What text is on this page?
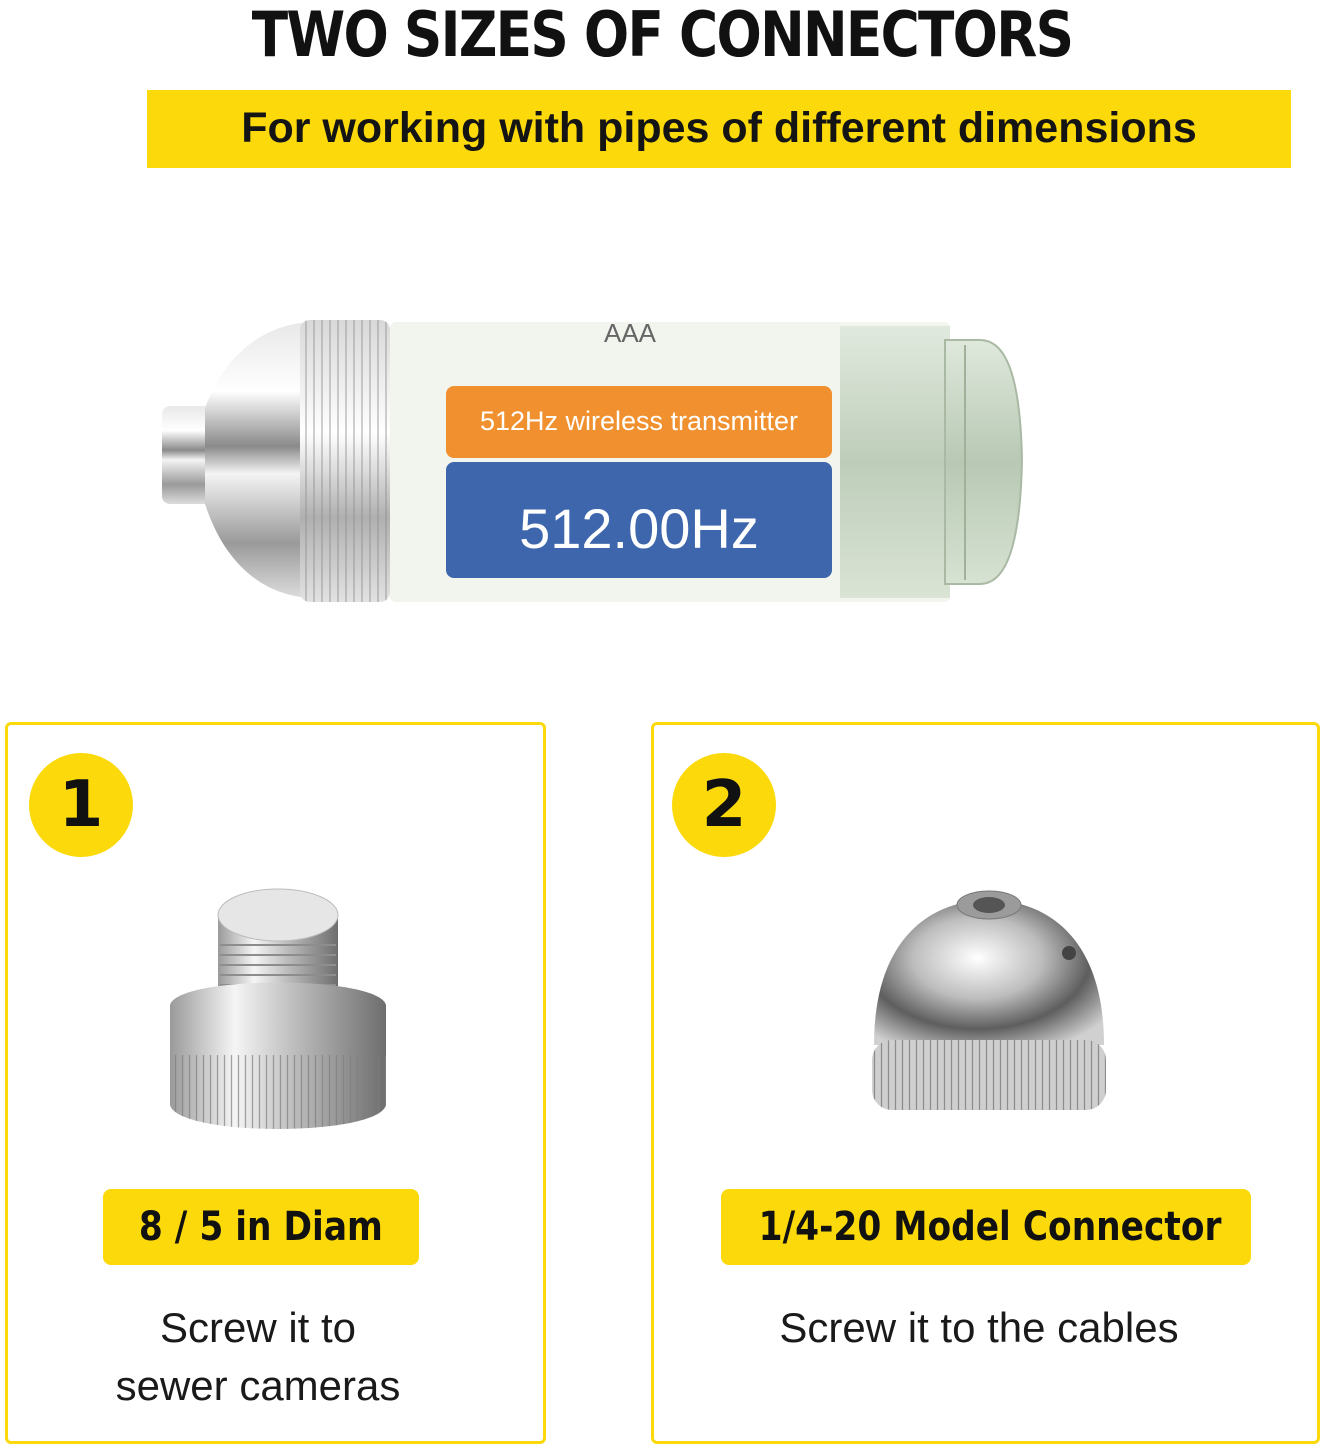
TWO SIZES OF CONNECTORS
For working with pipes of different dimensions
AAA
512Hz wireless transmitter
512.00Hz
1
8 / 5 in Diam
Screw it to
sewer cameras
2
1/4-20 Model Connector
Screw it to the cables
